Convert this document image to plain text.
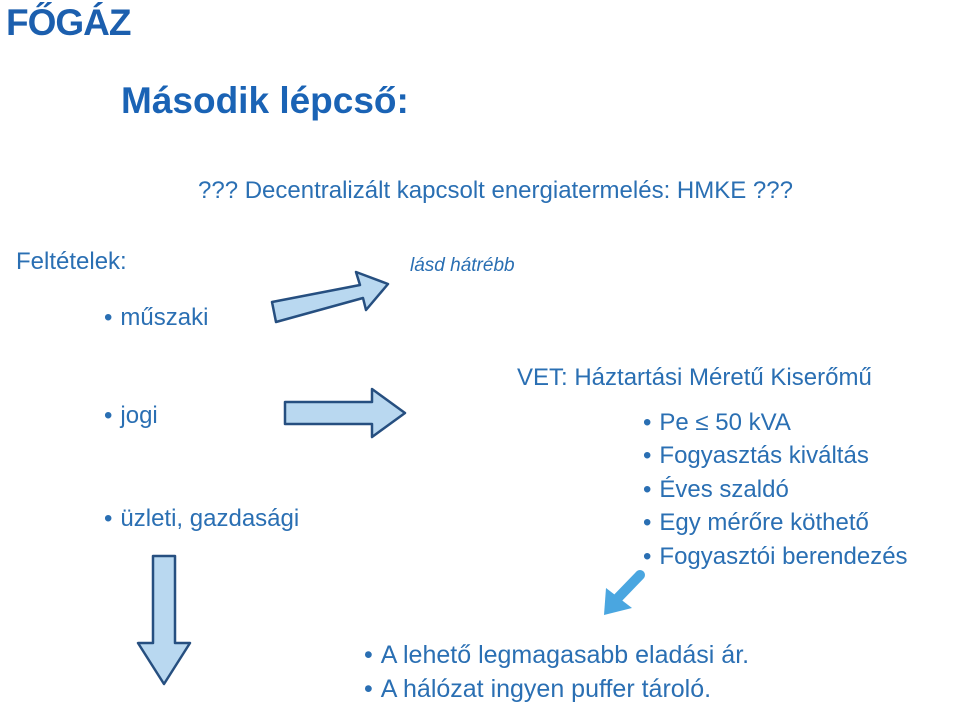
FŐGÁZ
Második lépcső:
??? Decentralizált kapcsolt energiatermelés: HMKE ???
Feltételek:	lásd hátrébb
• műszaki
• jogi
• üzleti, gazdasági
VET: Háztartási Méretű Kiserőmű
• Pe ≤ 50 kVA
• Fogyasztás kiváltás
• Éves szaldó
• Egy mérőre köthető
• Fogyasztói berendezés
• A lehető legmagasabb eladási ár.
• A hálózat ingyen puffer tároló.
